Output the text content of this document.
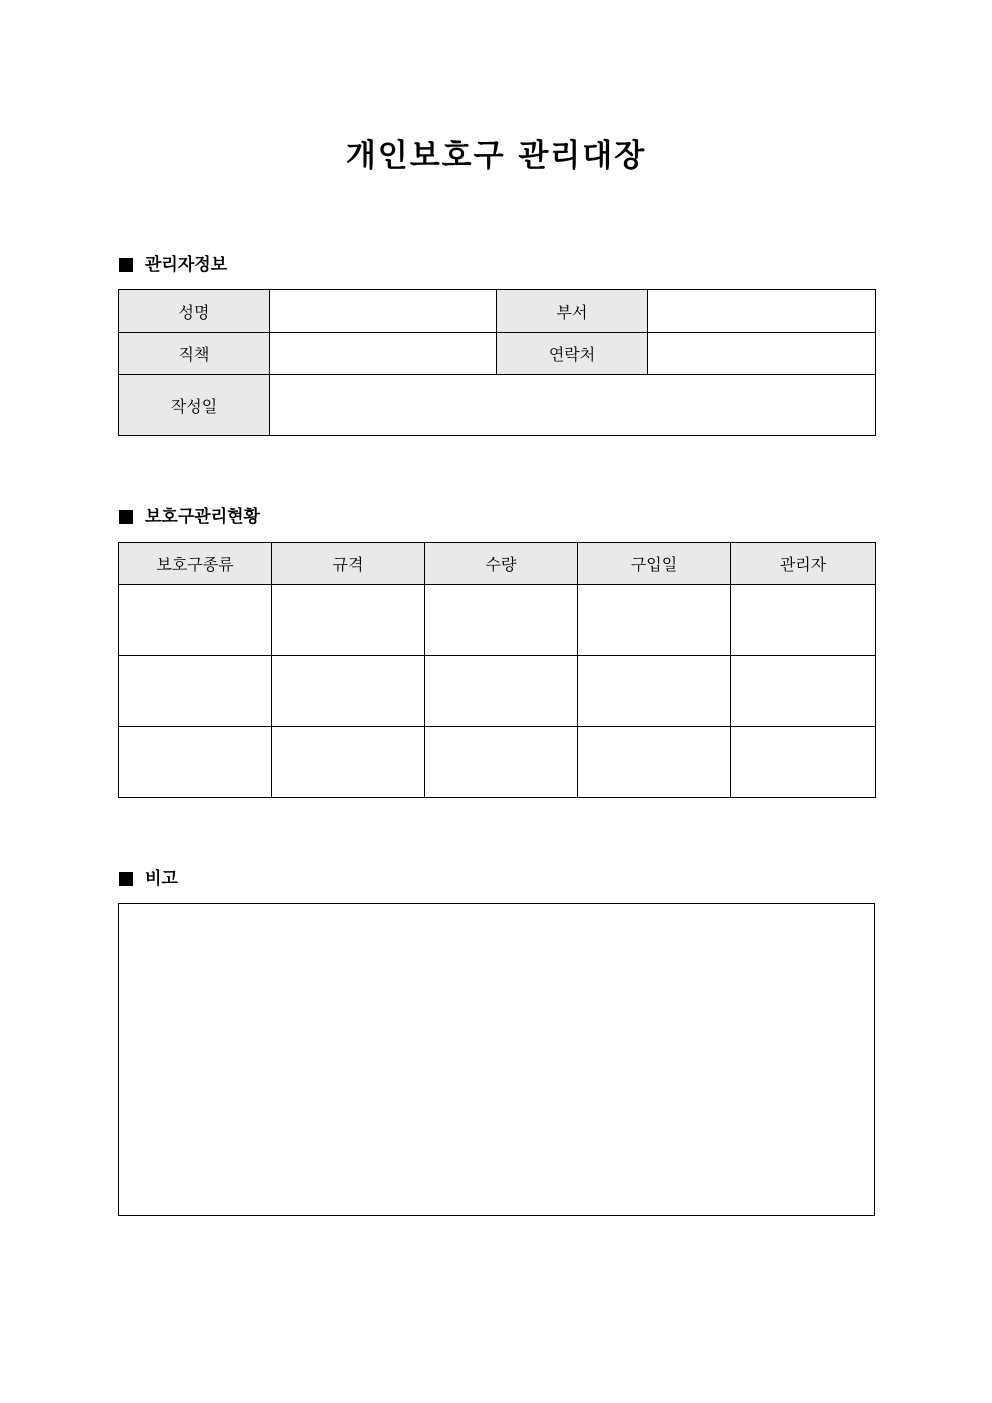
개인보호구 관리대장
관리자정보
성명		부서	
직책		연락처	
작성일			
보호구관리현황
보호구종류	규격	수량	구입일	관리자

비고
